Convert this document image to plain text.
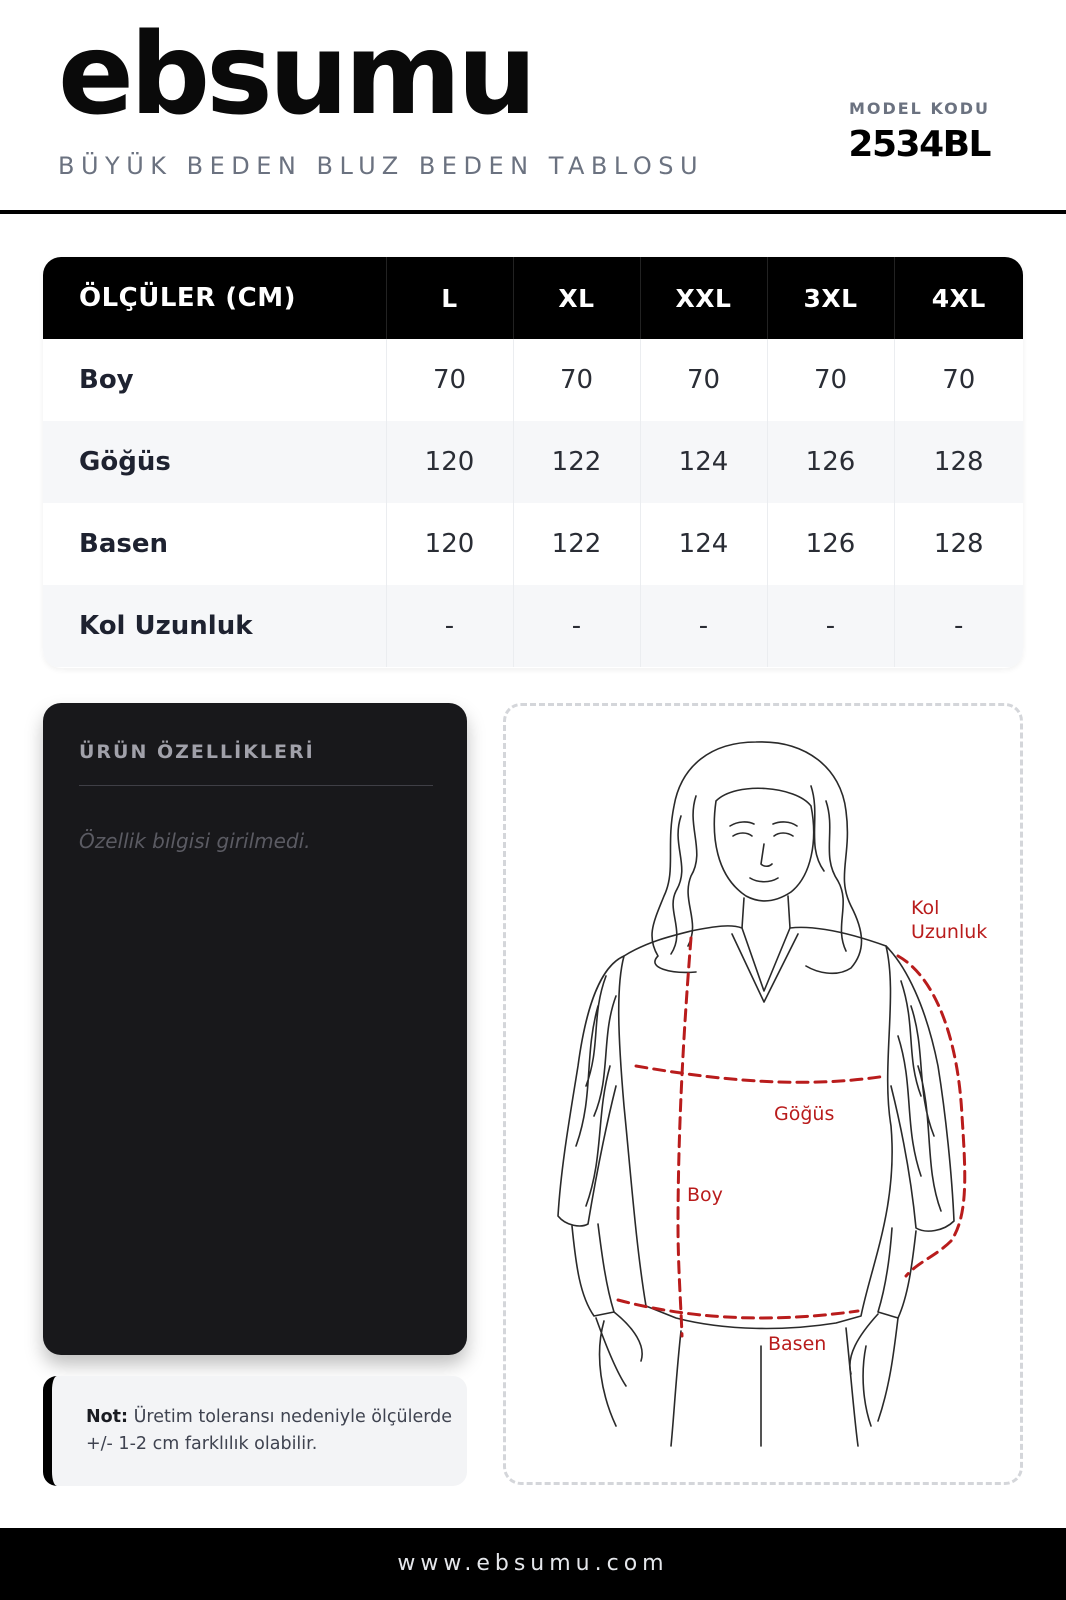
ebsumu
BÜYÜK BEDEN BLUZ BEDEN TABLOSU
MODEL KODU
2534BL
ÖLÇÜLER (CM)	L	XL	XXL	3XL	4XL
Boy	70	70	70	70	70
Göğüs	120	122	124	126	128
Basen	120	122	124	126	128
Kol Uzunluk	-	-	-	-	-
ÜRÜN ÖZELLİKLERİ
Özellik bilgisi girilmedi.
Not: Üretim toleransı nedeniyle ölçülerde +/- 1-2 cm farklılık olabilir.
Kol
Uzunluk
Göğüs
Boy
Basen
www.ebsumu.com
